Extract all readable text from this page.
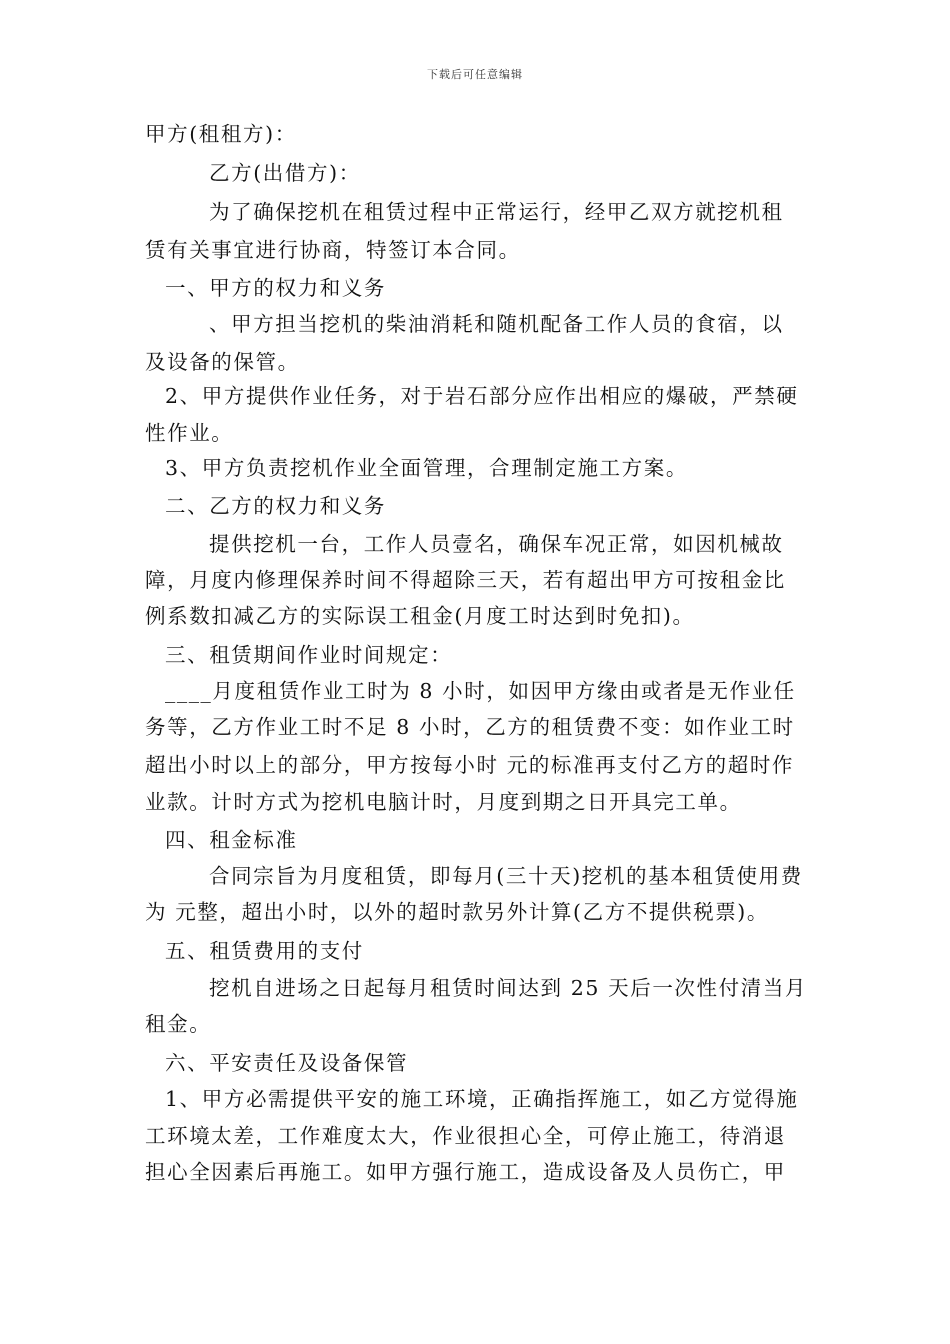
下载后可任意编辑
甲方(租租方)：
乙方(出借方)：
为了确保挖机在租赁过程中正常运行，经甲乙双方就挖机租
赁有关事宜进行协商，特签订本合同。
一、甲方的权力和义务
、甲方担当挖机的柴油消耗和随机配备工作人员的食宿，以
及设备的保管。
2、甲方提供作业任务，对于岩石部分应作出相应的爆破，严禁硬
性作业。
3、甲方负责挖机作业全面管理，合理制定施工方案。
二、乙方的权力和义务
提供挖机一台，工作人员壹名，确保车况正常，如因机械故
障，月度内修理保养时间不得超除三天，若有超出甲方可按租金比
例系数扣减乙方的实际误工租金(月度工时达到时免扣)。
三、租赁期间作业时间规定：
____月度租赁作业工时为 8 小时，如因甲方缘由或者是无作业任
务等，乙方作业工时不足 8 小时，乙方的租赁费不变：如作业工时
超出小时以上的部分，甲方按每小时 元的标准再支付乙方的超时作
业款。计时方式为挖机电脑计时，月度到期之日开具完工单。
四、租金标准
合同宗旨为月度租赁，即每月(三十天)挖机的基本租赁使用费
为 元整，超出小时，以外的超时款另外计算(乙方不提供税票)。
五、租赁费用的支付
挖机自进场之日起每月租赁时间达到 25 天后一次性付清当月
租金。
六、平安责任及设备保管
1、甲方必需提供平安的施工环境，正确指挥施工，如乙方觉得施
工环境太差，工作难度太大，作业很担心全，可停止施工，待消退
担心全因素后再施工。如甲方强行施工，造成设备及人员伤亡，甲
